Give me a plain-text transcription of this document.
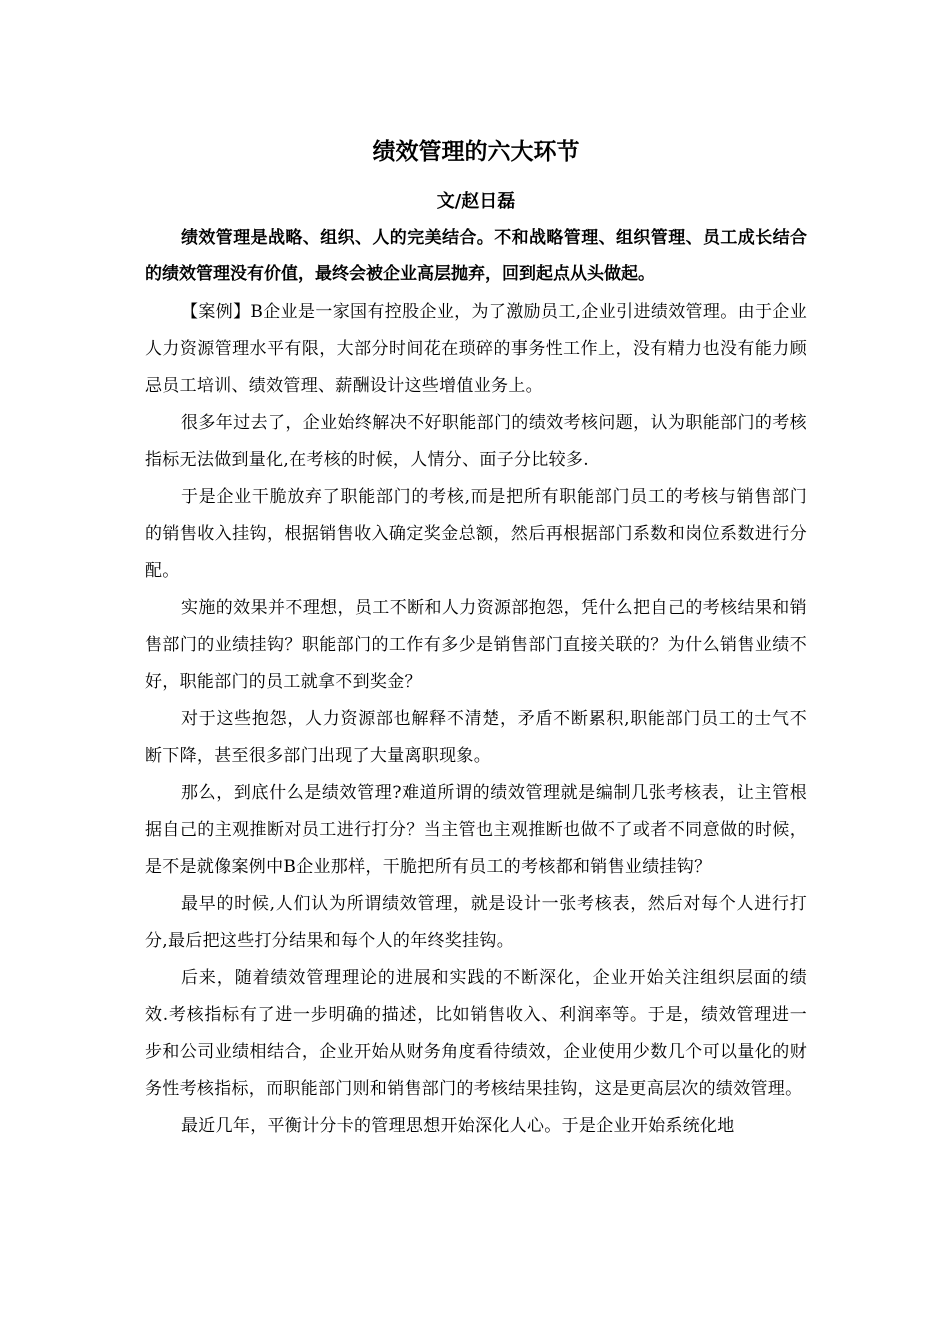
绩效管理的六大环节
文/赵日磊

绩效管理是战略、组织、人的完美结合。不和战略管理、组织管理、员工成长结合的绩效管理没有价值，最终会被企业高层抛弃，回到起点从头做起。

【案例】B企业是一家国有控股企业，为了激励员工,企业引进绩效管理。由于企业人力资源管理水平有限，大部分时间花在琐碎的事务性工作上，没有精力也没有能力顾忌员工培训、绩效管理、薪酬设计这些增值业务上。

很多年过去了，企业始终解决不好职能部门的绩效考核问题，认为职能部门的考核指标无法做到量化,在考核的时候，人情分、面子分比较多.

于是企业干脆放弃了职能部门的考核,而是把所有职能部门员工的考核与销售部门的销售收入挂钩，根据销售收入确定奖金总额，然后再根据部门系数和岗位系数进行分配。

实施的效果并不理想，员工不断和人力资源部抱怨，凭什么把自己的考核结果和销售部门的业绩挂钩？职能部门的工作有多少是销售部门直接关联的？为什么销售业绩不好，职能部门的员工就拿不到奖金？

对于这些抱怨，人力资源部也解释不清楚，矛盾不断累积,职能部门员工的士气不断下降，甚至很多部门出现了大量离职现象。

那么，到底什么是绩效管理?难道所谓的绩效管理就是编制几张考核表，让主管根据自己的主观推断对员工进行打分？当主管也主观推断也做不了或者不同意做的时候，是不是就像案例中B企业那样，干脆把所有员工的考核都和销售业绩挂钩？

最早的时候,人们认为所谓绩效管理，就是设计一张考核表，然后对每个人进行打分,最后把这些打分结果和每个人的年终奖挂钩。

后来，随着绩效管理理论的进展和实践的不断深化，企业开始关注组织层面的绩效.考核指标有了进一步明确的描述，比如销售收入、利润率等。于是，绩效管理进一步和公司业绩相结合，企业开始从财务角度看待绩效，企业使用少数几个可以量化的财务性考核指标，而职能部门则和销售部门的考核结果挂钩，这是更高层次的绩效管理。

最近几年，平衡计分卡的管理思想开始深化人心。于是企业开始系统化地
